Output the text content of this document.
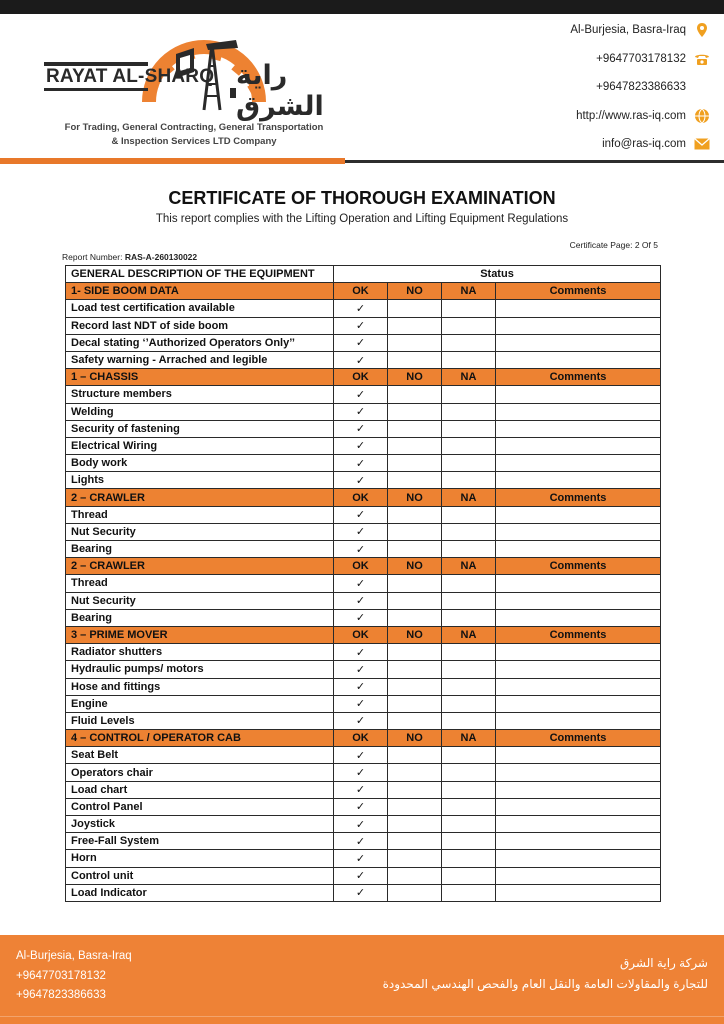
RAYAT AL-SHARQ راية الشرق
For Trading, General Contracting, General Transportation
& Inspection Services LTD Company
Al-Burjesia, Basra-Iraq
+9647703178132
+9647823386633
http://www.ras-iq.com
info@ras-iq.com
CERTIFICATE OF THOROUGH EXAMINATION
This report complies with the Lifting Operation and Lifting Equipment Regulations
Certificate Page: 2 Of 5
Report Number: RAS-A-260130022
GENERAL DESCRIPTION OF THE EQUIPMENT	Status			
1- SIDE BOOM DATA	OK	NO	NA	Comments
Load test certification available	✓			
Record last NDT of side boom	✓			
Decal stating ‘’Authorized Operators Only’’	✓			
Safety warning - Arrached and legible	✓			
1 – CHASSIS	OK	NO	NA	Comments
Structure members	✓			
Welding	✓			
Security of fastening	✓			
Electrical Wiring	✓			
Body work	✓			
Lights	✓			
2 – CRAWLER	OK	NO	NA	Comments
Thread	✓			
Nut Security	✓			
Bearing	✓			
2 – CRAWLER	OK	NO	NA	Comments
Thread	✓			
Nut Security	✓			
Bearing	✓			
3 – PRIME MOVER	OK	NO	NA	Comments
Radiator shutters	✓			
Hydraulic pumps/ motors	✓			
Hose and fittings	✓			
Engine	✓			
Fluid Levels	✓			
4 – CONTROL / OPERATOR CAB	OK	NO	NA	Comments
Seat Belt	✓			
Operators chair	✓			
Load chart	✓			
Control Panel	✓			
Joystick	✓			
Free-Fall System	✓			
Horn	✓			
Control unit	✓			
Load Indicator	✓			
Al-Burjesia, Basra-Iraq
+9647703178132
+9647823386633
شركة راية الشرق
للتجارة والمقاولات العامة والنقل العام والفحص الهندسي المحدودة
